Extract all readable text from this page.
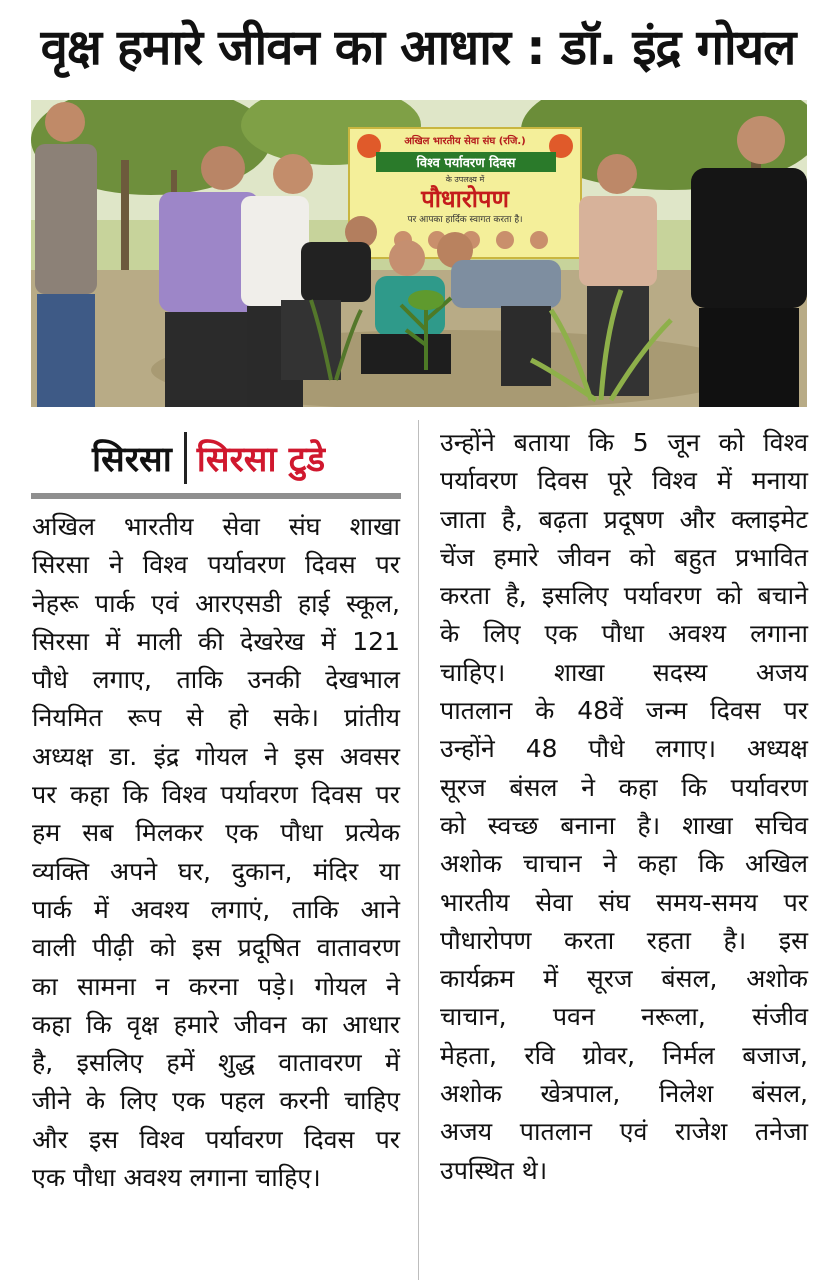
वृक्ष हमारे जीवन का आधार : डॉ. इंद्र गोयल
अखिल भारतीय सेवा संघ (रजि.)
विश्व पर्यावरण दिवस
के उपलक्ष्य में
पौधारोपण
पर आपका हार्दिक स्वागत करता है।
सिरसा सिरसा टुडे

अखिल भारतीय सेवा संघ शाखा

सिरसा ने विश्व पर्यावरण दिवस पर

नेहरू पार्क एवं आरएसडी हाई स्कूल,

सिरसा में माली की देखरेख में 121

पौधे लगाए, ताकि उनकी देखभाल

नियमित रूप से हो सके। प्रांतीय

अध्यक्ष डा. इंद्र गोयल ने इस अवसर

पर कहा कि विश्व पर्यावरण दिवस पर

हम सब मिलकर एक पौधा प्रत्येक

व्यक्ति अपने घर, दुकान, मंदिर या

पार्क में अवश्य लगाएं, ताकि आने

वाली पीढ़ी को इस प्रदूषित वातावरण

का सामना न करना पड़े। गोयल ने

कहा कि वृक्ष हमारे जीवन का आधार

है, इसलिए हमें शुद्ध वातावरण में

जीने के लिए एक पहल करनी चाहिए

और इस विश्व पर्यावरण दिवस पर

एक पौधा अवश्य लगाना चाहिए।

उन्होंने बताया कि 5 जून को विश्व

पर्यावरण दिवस पूरे विश्व में मनाया

जाता है, बढ़ता प्रदूषण और क्लाइमेट

चेंज हमारे जीवन को बहुत प्रभावित

करता है, इसलिए पर्यावरण को बचाने

के लिए एक पौधा अवश्य लगाना

चाहिए। शाखा सदस्य अजय

पातलान के 48वें जन्म दिवस पर

उन्होंने 48 पौधे लगाए। अध्यक्ष

सूरज बंसल ने कहा कि पर्यावरण

को स्वच्छ बनाना है। शाखा सचिव

अशोक चाचान ने कहा कि अखिल

भारतीय सेवा संघ समय-समय पर

पौधारोपण करता रहता है। इस

कार्यक्रम में सूरज बंसल, अशोक

चाचान, पवन नरूला, संजीव

मेहता, रवि ग्रोवर, निर्मल बजाज,

अशोक खेत्रपाल, निलेश बंसल,

अजय पातलान एवं राजेश तनेजा

उपस्थित थे।
